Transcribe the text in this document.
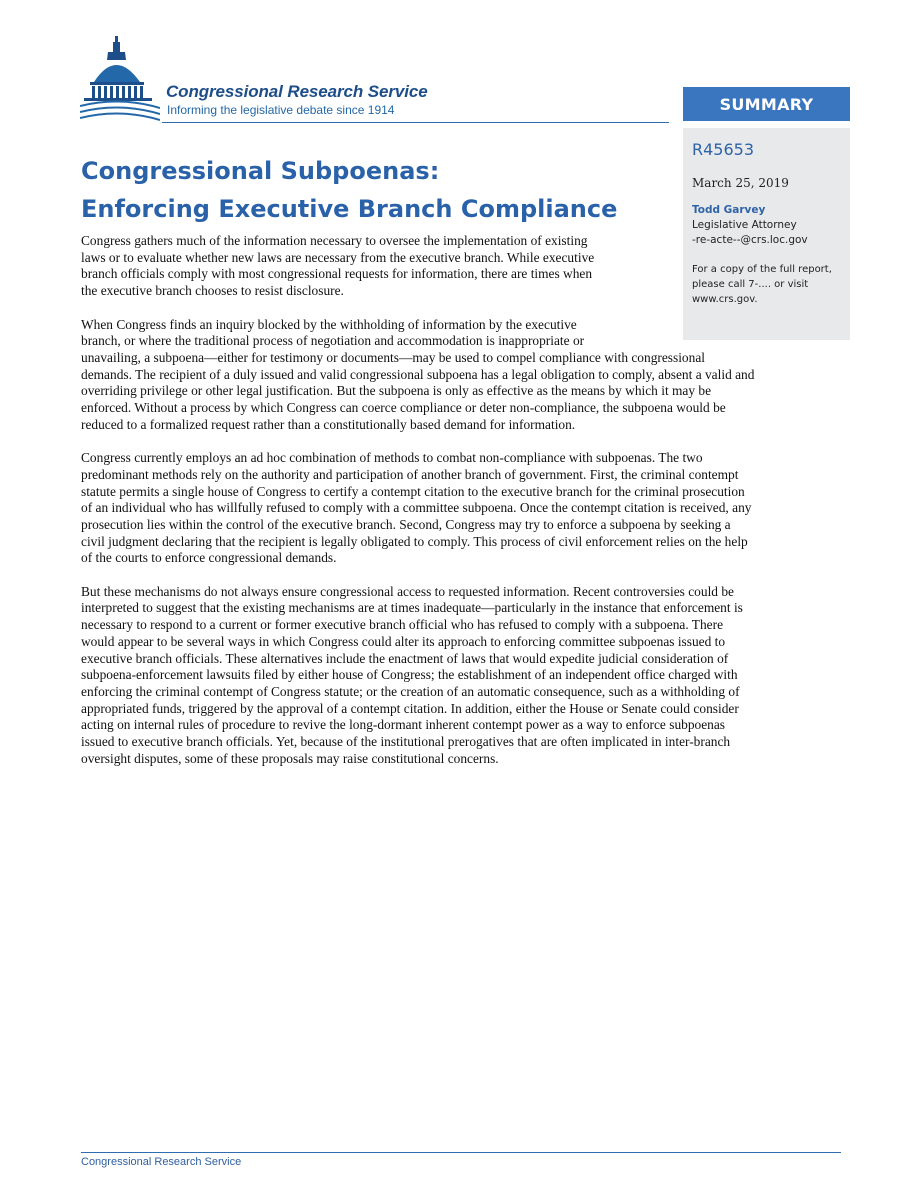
Congressional Research Service
Informing the legislative debate since 1914	SUMMARY
R45653
March 25, 2019
Todd Garvey
Legislative Attorney
-re-acte--@crs.loc.gov
For a copy of the full report, please call 7-.... or visit www.crs.gov.
Congressional Subpoenas:
Enforcing Executive Branch Compliance

Congress gathers much of the information necessary to oversee the implementation of existing
laws or to evaluate whether new laws are necessary from the executive branch. While executive
branch officials comply with most congressional requests for information, there are times when
the executive branch chooses to resist disclosure.

When Congress finds an inquiry blocked by the withholding of information by the executive
branch, or where the traditional process of negotiation and accommodation is inappropriate or
unavailing, a subpoena—either for testimony or documents—may be used to compel compliance with congressional
demands. The recipient of a duly issued and valid congressional subpoena has a legal obligation to comply, absent a valid and
overriding privilege or other legal justification. But the subpoena is only as effective as the means by which it may be
enforced. Without a process by which Congress can coerce compliance or deter non-compliance, the subpoena would be
reduced to a formalized request rather than a constitutionally based demand for information.

Congress currently employs an ad hoc combination of methods to combat non-compliance with subpoenas. The two
predominant methods rely on the authority and participation of another branch of government. First, the criminal contempt
statute permits a single house of Congress to certify a contempt citation to the executive branch for the criminal prosecution
of an individual who has willfully refused to comply with a committee subpoena. Once the contempt citation is received, any
prosecution lies within the control of the executive branch. Second, Congress may try to enforce a subpoena by seeking a
civil judgment declaring that the recipient is legally obligated to comply. This process of civil enforcement relies on the help
of the courts to enforce congressional demands.

But these mechanisms do not always ensure congressional access to requested information. Recent controversies could be
interpreted to suggest that the existing mechanisms are at times inadequate—particularly in the instance that enforcement is
necessary to respond to a current or former executive branch official who has refused to comply with a subpoena. There
would appear to be several ways in which Congress could alter its approach to enforcing committee subpoenas issued to
executive branch officials. These alternatives include the enactment of laws that would expedite judicial consideration of
subpoena-enforcement lawsuits filed by either house of Congress; the establishment of an independent office charged with
enforcing the criminal contempt of Congress statute; or the creation of an automatic consequence, such as a withholding of
appropriated funds, triggered by the approval of a contempt citation. In addition, either the House or Senate could consider
acting on internal rules of procedure to revive the long-dormant inherent contempt power as a way to enforce subpoenas
issued to executive branch officials. Yet, because of the institutional prerogatives that are often implicated in inter-branch
oversight disputes, some of these proposals may raise constitutional concerns.

Congressional Research Service
